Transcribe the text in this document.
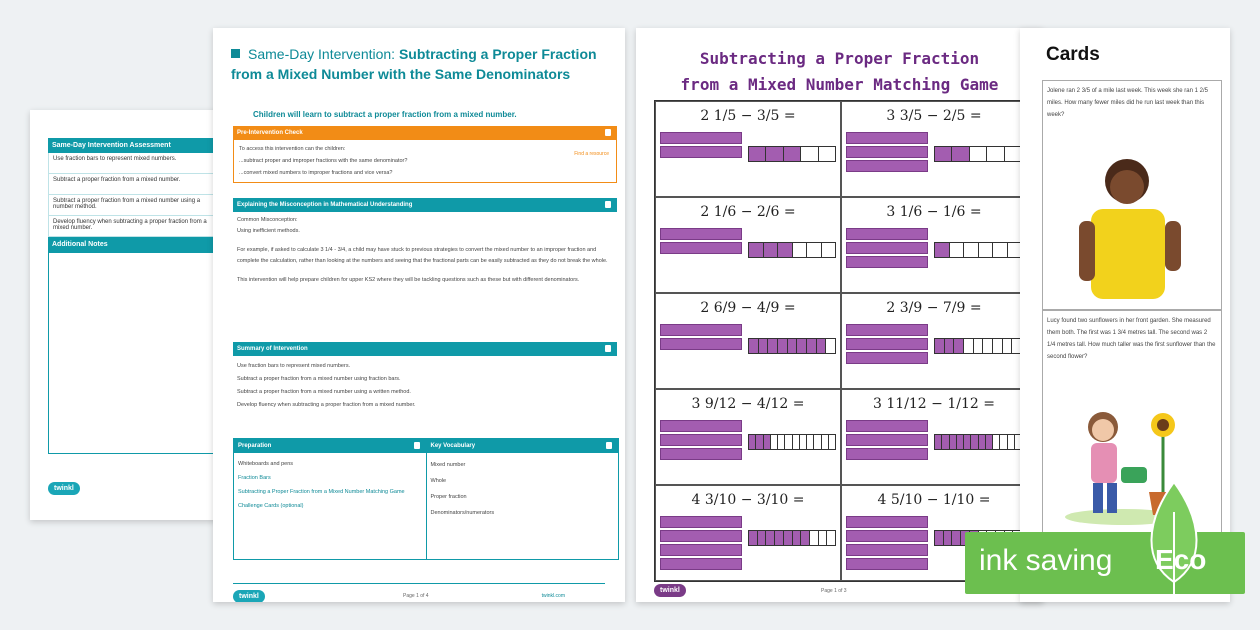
Same-Day Intervention Assessment
Use fraction bars to represent mixed numbers.
Subtract a proper fraction from a mixed number.
Subtract a proper fraction from a mixed number using a number method.
Develop fluency when subtracting a proper fraction from a mixed number.
Additional Notes
twinkl
Same-Day Intervention: Subtracting a Proper Fraction from a Mixed Number with the Same Denominators
Children will learn to subtract a proper fraction from a mixed number.
Pre-Intervention Check
To access this intervention can the children:
...subtract proper and improper fractions with the same denominator?
...convert mixed numbers to improper fractions and vice versa?
Find a resource
Explaining the Misconception in Mathematical Understanding
Common Misconception:
Using inefficient methods.
For example, if asked to calculate 3 1/4 - 3/4, a child may have stuck to previous strategies to convert the mixed number to an improper fraction and complete the calculation, rather than looking at the numbers and seeing that the fractional parts can be easily subtracted as they do not break the whole.
This intervention will help prepare children for upper KS2 where they will be tackling questions such as these but with different denominators.
Summary of Intervention
Use fraction bars to represent mixed numbers.
Subtract a proper fraction from a mixed number using fraction bars.
Subtract a proper fraction from a mixed number using a written method.
Develop fluency when subtracting a proper fraction from a mixed number.
Preparation
Whiteboards and pens
Fraction Bars
Subtracting a Proper Fraction from a Mixed Number Matching Game
Challenge Cards (optional)
Key Vocabulary
Mixed number
Whole
Proper fraction
Denominators/numerators
twinkl	Page 1 of 4	twinkl.com
Subtracting a Proper Fraction from a Mixed Number Matching Game
2 1/5 − 3/5 =	3 3/5 − 2/5 =
2 1/6 − 2/6 =	3 1/6 − 1/6 =
2 6/9 − 4/9 =	2 3/9 − 7/9 =
3 9/12 − 4/12 =	3 11/12 − 1/12 =
4 3/10 − 3/10 =	4 5/10 − 1/10 =
twinkl	Page 1 of 3
Cards
Jolene ran 2 3/5 of a mile last week. This week she ran 1 2/5 miles. How many fewer miles did he run last week than this week?
Lucy found two sunflowers in her front garden. She measured them both. The first was 1 3/4 metres tall. The second was 2 1/4 metres tall. How much taller was the first sunflower than the second flower?
ink saving Eco
